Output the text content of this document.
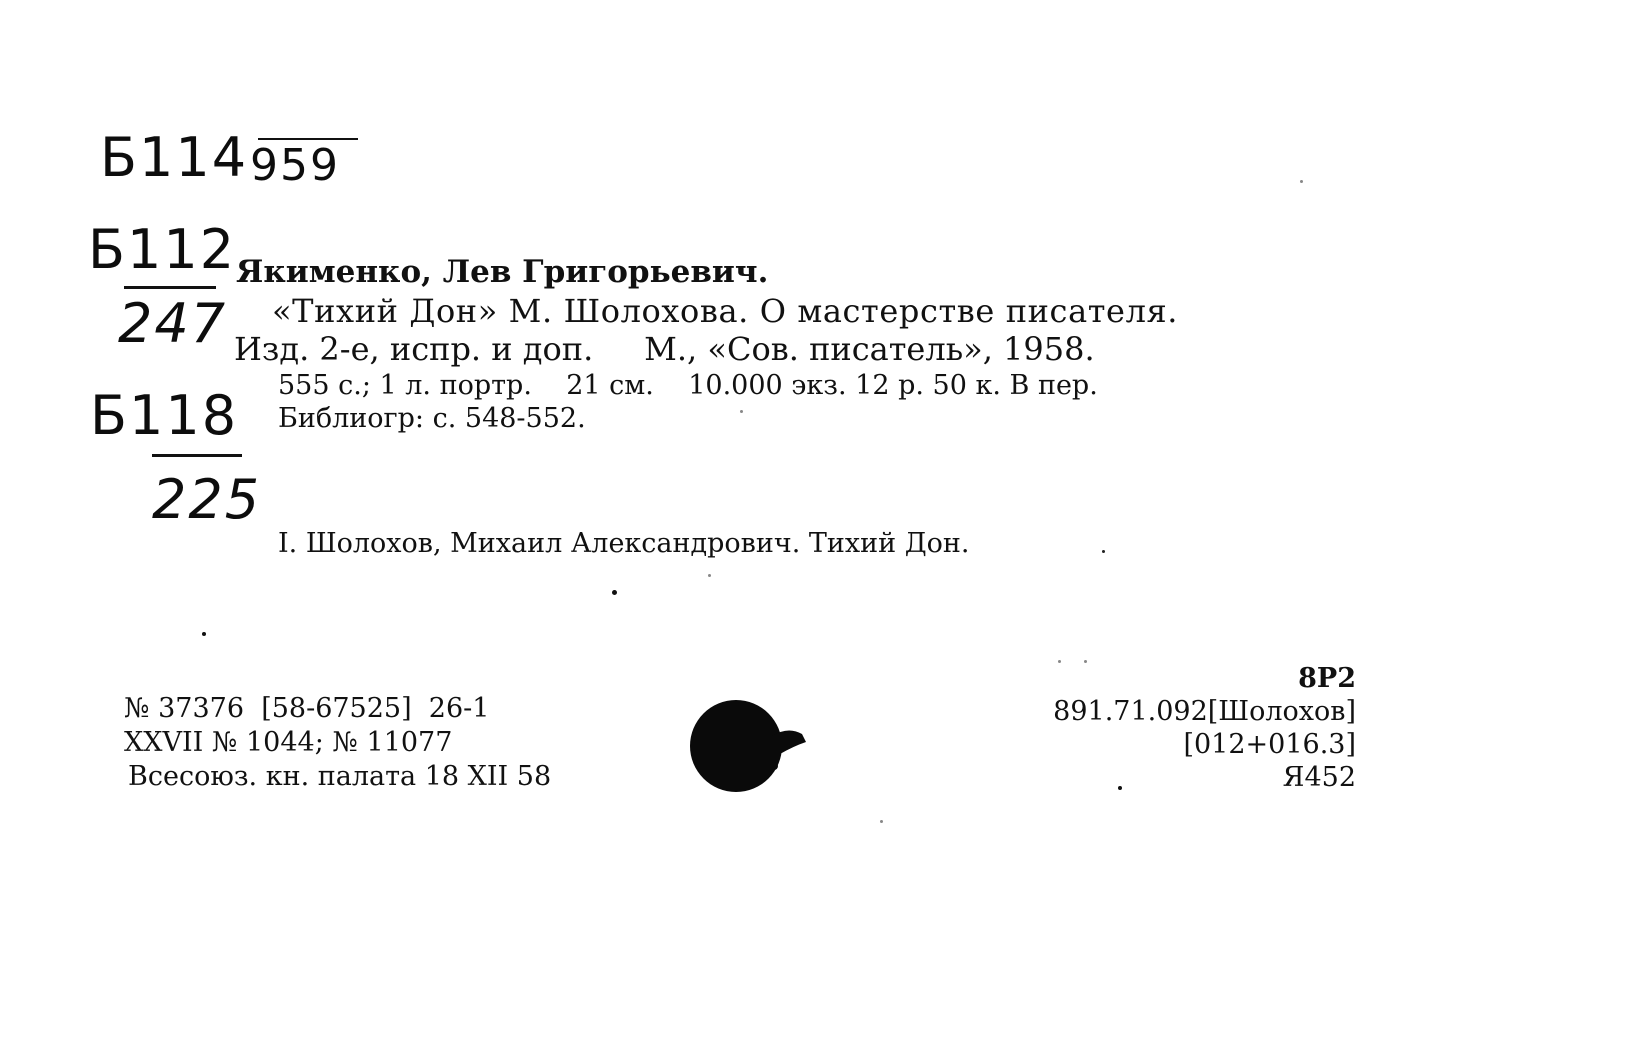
Б114 959
Б112
247
Б118
225
Якименко, Лев Григорьевич.
«Тихий Дон» М. Шолохова. О мастерстве писателя.
Изд. 2-е, испр. и доп.     М., «Сов. писатель», 1958.
555 с.; 1 л. портр.    21 см.    10.000 экз. 12 р. 50 к. В пер.
Библиогр: с. 548-552.
I. Шолохов, Михаил Александрович. Тихий Дон.
№ 37376  [58-67525]  26-1
XXVII № 1044; № 11077
Всесоюз. кн. палата 18 XII 58
8Р2
891.71.092[Шолохов]
[012+016.3]
Я452
